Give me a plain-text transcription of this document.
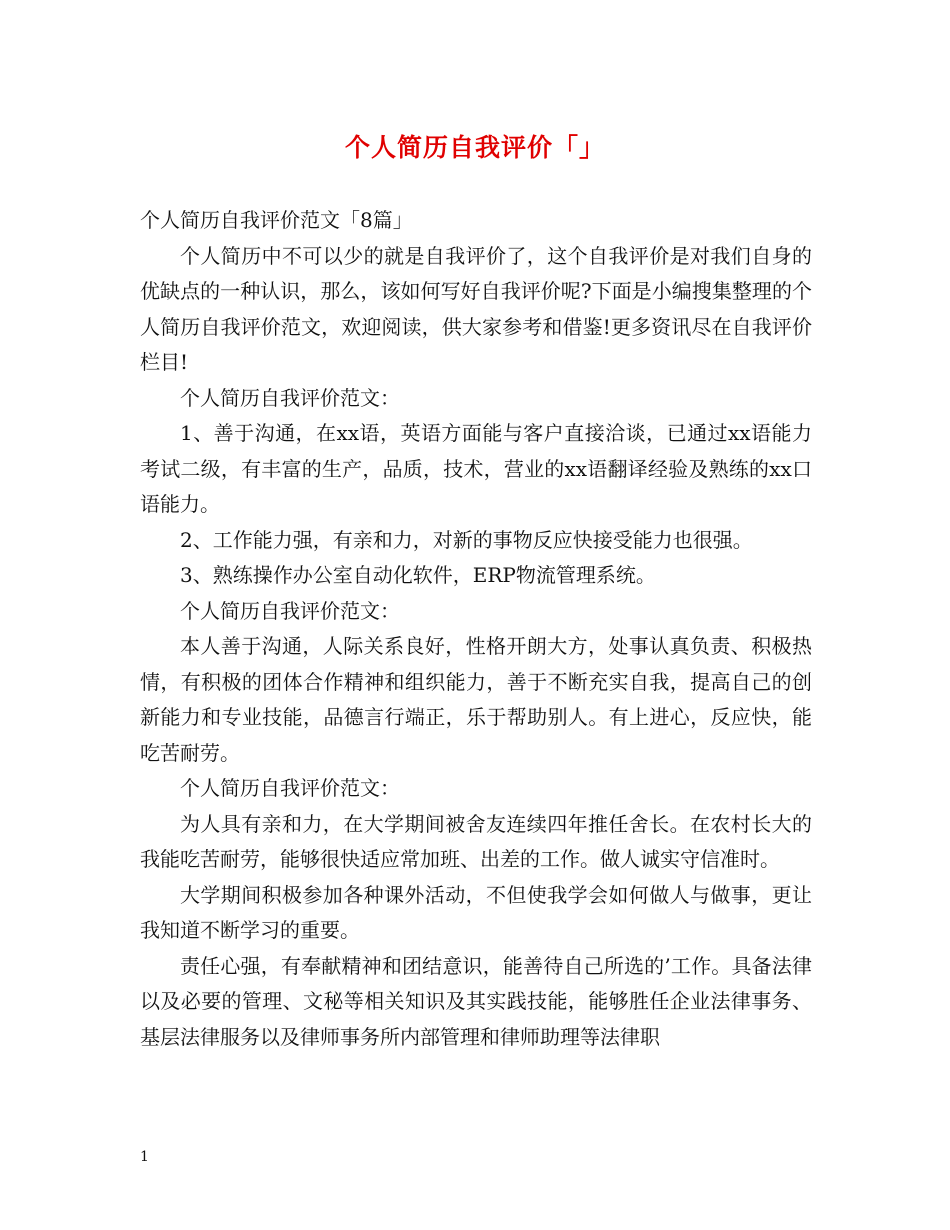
个人简历自我评价「」

个人简历自我评价范文「8篇」

个人简历中不可以少的就是自我评价了，这个自我评价是对我们自身的优缺点的一种认识，那么，该如何写好自我评价呢?下面是小编搜集整理的个人简历自我评价范文，欢迎阅读，供大家参考和借鉴!更多资讯尽在自我评价栏目!

个人简历自我评价范文：

1、善于沟通，在xx语，英语方面能与客户直接洽谈，已通过xx语能力考试二级，有丰富的生产，品质，技术，营业的xx语翻译经验及熟练的xx口语能力。

2、工作能力强，有亲和力，对新的事物反应快接受能力也很强。

3、熟练操作办公室自动化软件，ERP物流管理系统。

个人简历自我评价范文：

本人善于沟通，人际关系良好，性格开朗大方，处事认真负责、积极热情，有积极的团体合作精神和组织能力，善于不断充实自我，提高自己的创新能力和专业技能，品德言行端正，乐于帮助别人。有上进心，反应快，能吃苦耐劳。

个人简历自我评价范文：

为人具有亲和力，在大学期间被舍友连续四年推任舍长。在农村长大的我能吃苦耐劳，能够很快适应常加班、出差的工作。做人诚实守信准时。

大学期间积极参加各种课外活动，不但使我学会如何做人与做事，更让我知道不断学习的重要。

责任心强，有奉献精神和团结意识，能善待自己所选的’工作。具备法律以及必要的管理、文秘等相关知识及其实践技能，能够胜任企业法律事务、基层法律服务以及律师事务所内部管理和律师助理等法律职

1
